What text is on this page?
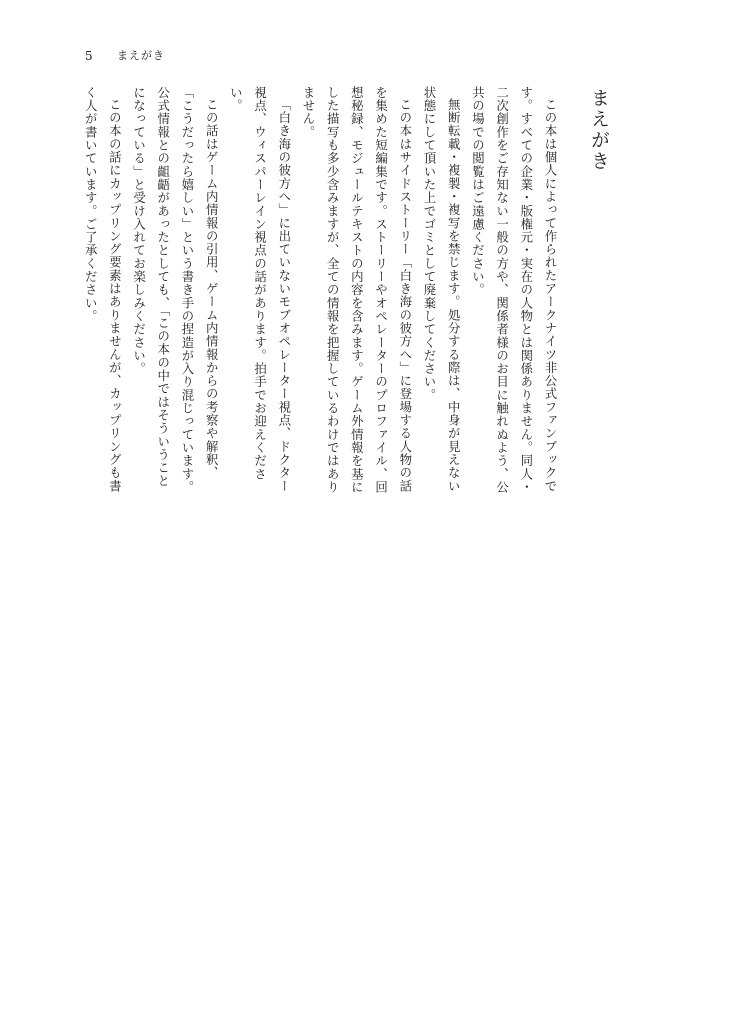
5 まえがき
まえがき

この本は個人によって作られたアークナイツ非公式ファンブックです。すべての企業・版権元・実在の人物とは関係ありません。同人・二次創作をご存知ない一般の方や、関係者様のお目に触れぬよう、公共の場での閲覧はご遠慮ください。

無断転載・複製・複写を禁じます。処分する際は、中身が見えない状態にして頂いた上でゴミとして廃棄してください。

この本はサイドストーリー「白き海の彼方へ」に登場する人物の話を集めた短編集です。ストーリーやオペレーターのプロファイル、回想秘録、モジュールテキストの内容を含みます。ゲーム外情報を基にした描写も多少含みますが、全ての情報を把握しているわけではありません。

「白き海の彼方へ」に出ていないモブオペレーター視点、ドクター視点、ウィスパーレイン視点の話があります。拍手でお迎えください。

この話はゲーム内情報の引用、ゲーム内情報からの考察や解釈、「こうだったら嬉しい」という書き手の捏造が入り混じっています。公式情報との齟齬があったとしても、「この本の中ではそういうことになっている」と受け入れてお楽しみください。

この本の話にカップリング要素はありませんが、カップリングも書く人が書いています。ご了承ください。
